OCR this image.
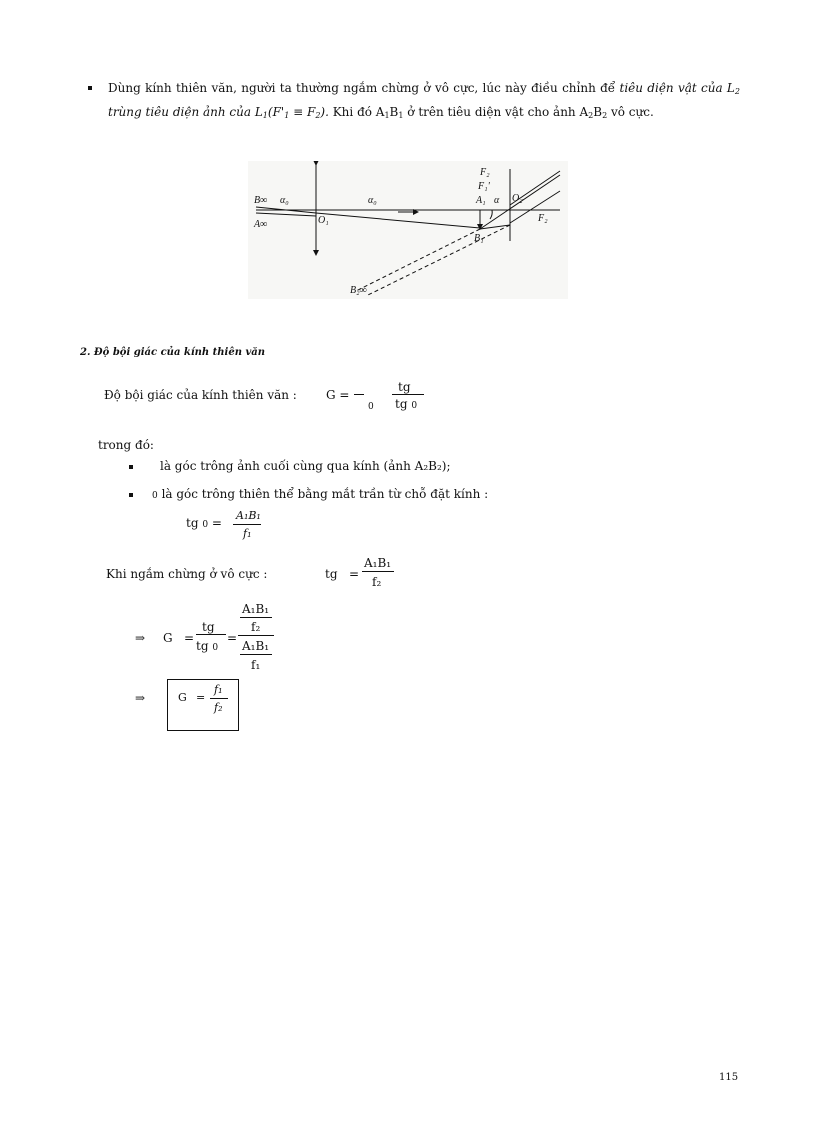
Dùng kính thiên văn, người ta thường ngắm chừng ở vô cực, lúc này điều chỉnh để tiêu diện vật của $L_2$ trùng tiêu diện ảnh của $L_1(F'_1 \equiv F_2)$. Khi đó $A_1B_1$ ở trên tiêu diện vật cho ảnh $A_2B_2$ vô cực.
B∞
A∞
α₀	α₀
O₁
F₂
F₁'
A₁ α O₂
F₂
B₁
B₂∞
2. Độ bội giác của kính thiên văn
Độ bội giác của kính thiên văn : G =
0
tg
tg 0
trong đó:
là góc trông ảnh cuối cùng qua kính (ảnh A₂B₂);
0 là góc trông thiên thể bằng mắt trần từ chỗ đặt kính :
tg 0 =
A₁B₁
f₁
Khi ngắm chừng ở vô cực :	tg =
A₁B₁
f₂
⇒ G =
tg
tg 0
=
A₁B₁
f₂
A₁B₁
f₁
⇒	G =
f₁
f₂
115
